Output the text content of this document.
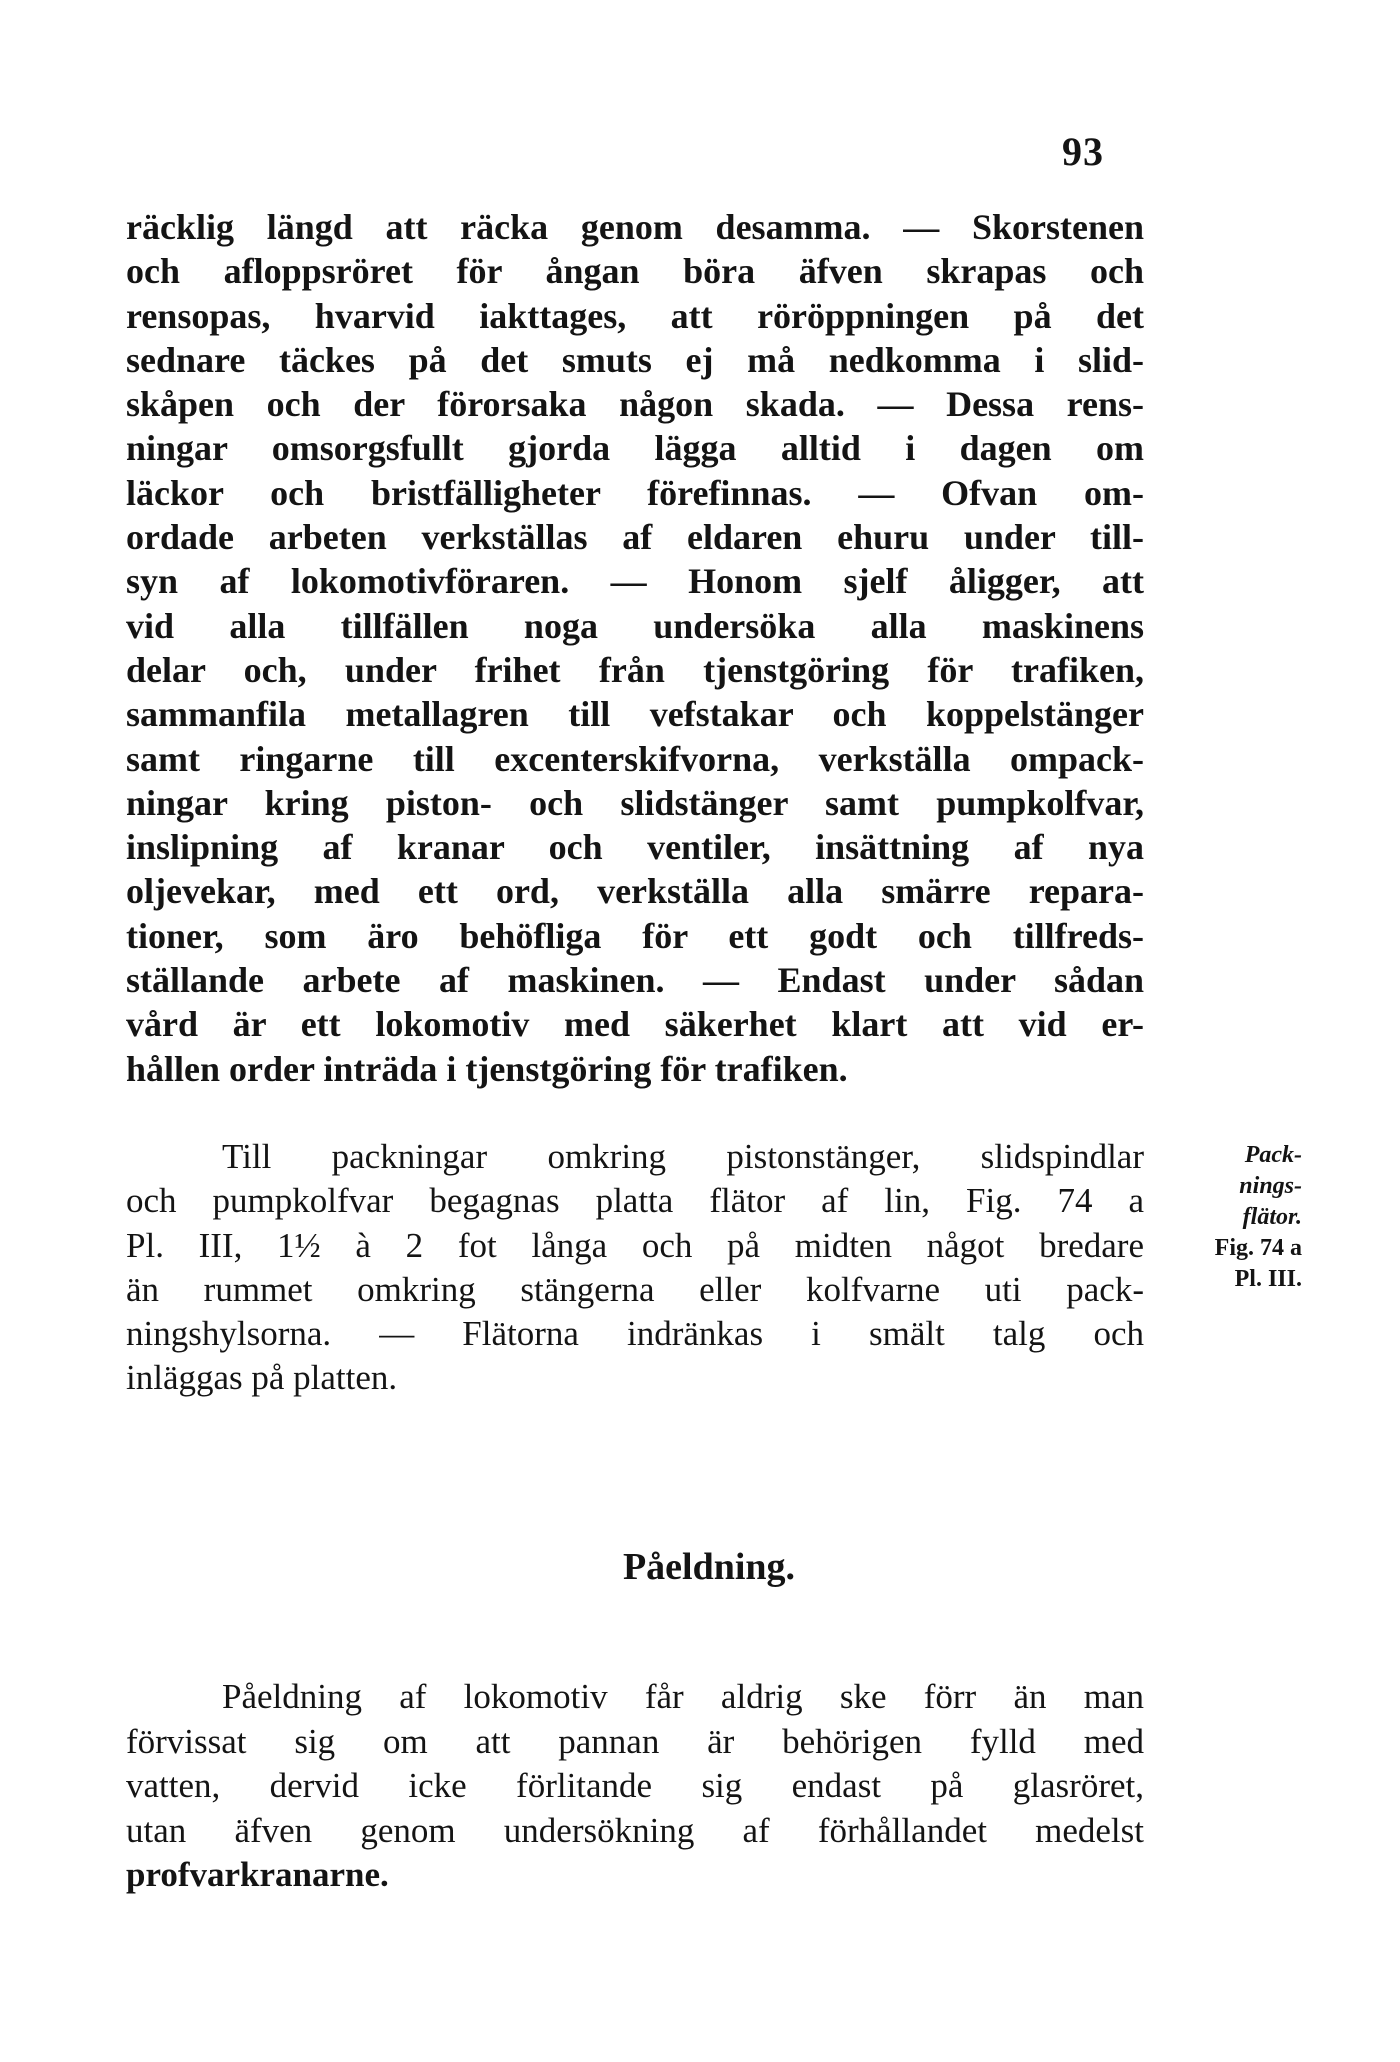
93
räcklig längd att räcka genom desamma. — Skorstenen
och afloppsröret för ångan böra äfven skrapas och
rensopas, hvarvid iakttages, att röröppningen på det
sednare täckes på det smuts ej må nedkomma i slid-
skåpen och der förorsaka någon skada. — Dessa rens-
ningar omsorgsfullt gjorda lägga alltid i dagen om
läckor och bristfälligheter förefinnas. — Ofvan om-
ordade arbeten verkställas af eldaren ehuru under till-
syn af lokomotivföraren. — Honom sjelf åligger, att
vid alla tillfällen noga undersöka alla maskinens
delar och, under frihet från tjenstgöring för trafiken,
sammanfila metallagren till vefstakar och koppelstänger
samt ringarne till excenterskifvorna, verkställa ompack-
ningar kring piston- och slidstänger samt pumpkolfvar,
inslipning af kranar och ventiler, insättning af nya
oljevekar, med ett ord, verkställa alla smärre repara-
tioner, som äro behöfliga för ett godt och tillfreds-
ställande arbete af maskinen. — Endast under sådan
vård är ett lokomotiv med säkerhet klart att vid er-
hållen order inträda i tjenstgöring för trafiken.
Till packningar omkring pistonstänger, slidspindlar
och pumpkolfvar begagnas platta flätor af lin, Fig. 74 a
Pl. III, 1½ à 2 fot långa och på midten något bredare
än rummet omkring stängerna eller kolfvarne uti pack-
ningshylsorna. — Flätorna indränkas i smält talg och
inläggas på platten.
Pack-
nings-
flätor.
Fig. 74 a
Pl. III.
Påeldning.
Påeldning af lokomotiv får aldrig ske förr än man
förvissat sig om att pannan är behörigen fylld med
vatten, dervid icke förlitande sig endast på glasröret,
utan äfven genom undersökning af förhållandet medelst
profvarkranarne.
